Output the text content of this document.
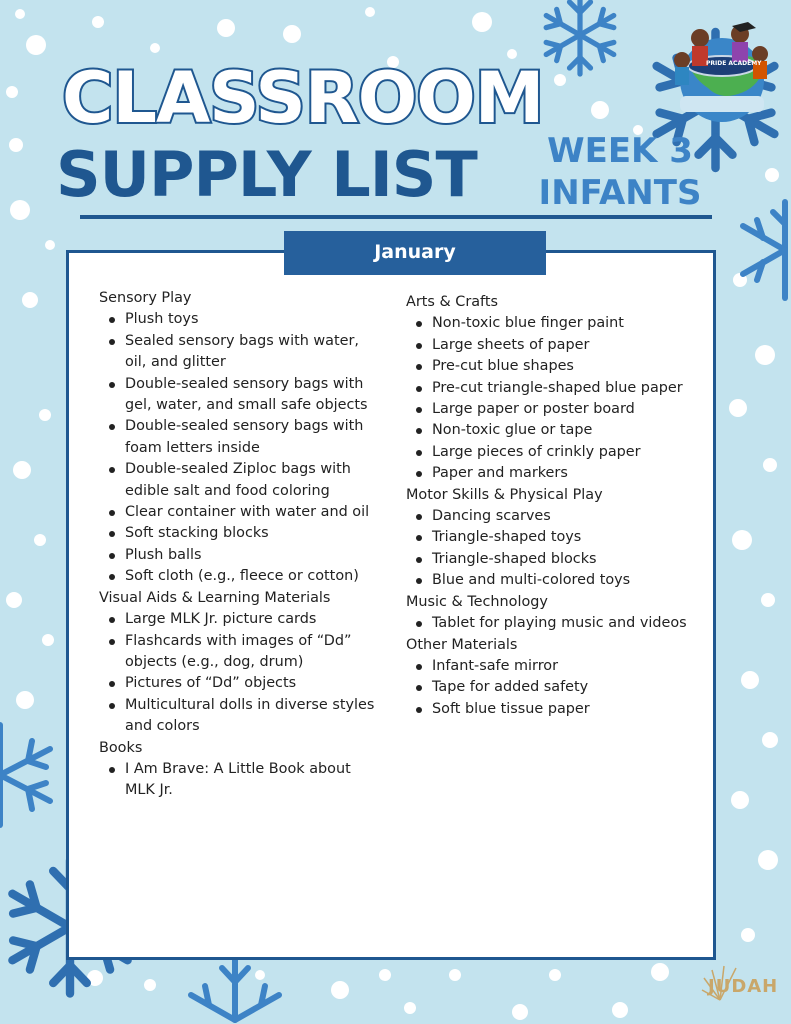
PRIDE ACADEMY
CLASSROOM
SUPPLY LIST	WEEK 3
INFANTS
January
Sensory Play
Plush toys
Sealed sensory bags with water, oil, and glitter
Double-sealed sensory bags with gel, water, and small safe objects
Double-sealed sensory bags with foam letters inside
Double-sealed Ziploc bags with edible salt and food coloring
Clear container with water and oil
Soft stacking blocks
Plush balls
Soft cloth (e.g., fleece or cotton)
Visual Aids & Learning Materials
Large MLK Jr. picture cards
Flashcards with images of “Dd” objects (e.g., dog, drum)
Pictures of “Dd” objects
Multicultural dolls in diverse styles and colors
Books
I Am Brave: A Little Book about MLK Jr.
Arts & Crafts
Non-toxic blue finger paint
Large sheets of paper
Pre-cut blue shapes
Pre-cut triangle-shaped blue paper
Large paper or poster board
Non-toxic glue or tape
Large pieces of crinkly paper
Paper and markers
Motor Skills & Physical Play
Dancing scarves
Triangle-shaped toys
Triangle-shaped blocks
Blue and multi-colored toys
Music & Technology
Tablet for playing music and videos
Other Materials
Infant-safe mirror
Tape for added safety
Soft blue tissue paper
JUDAH
